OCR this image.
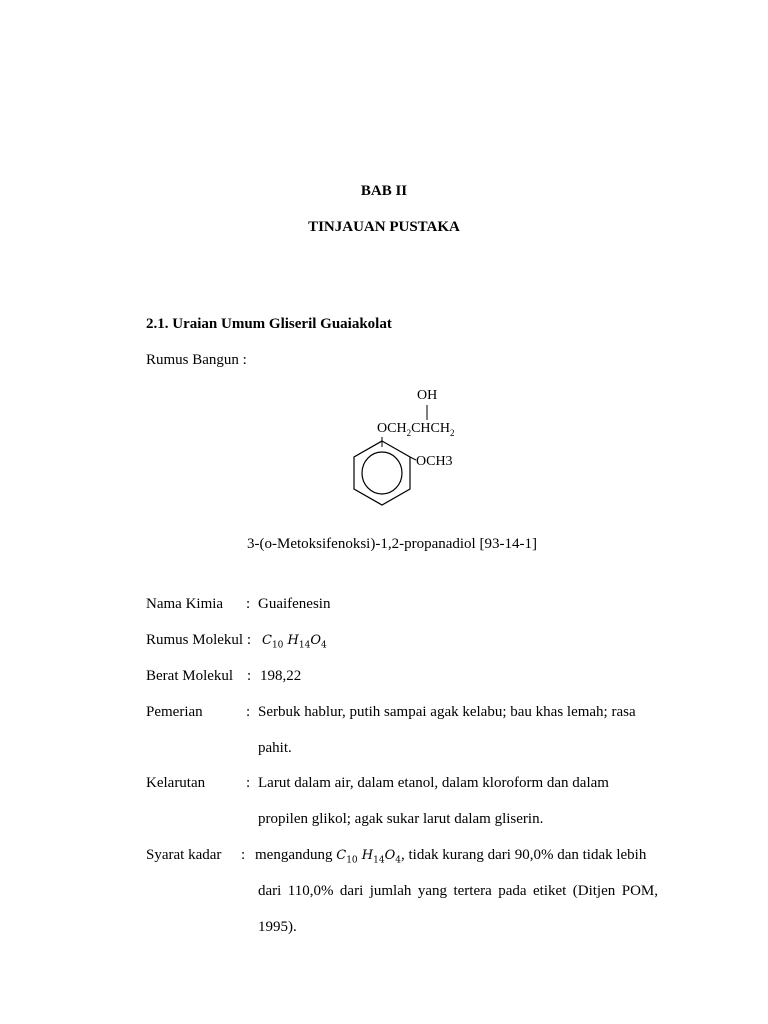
BAB II
TINJAUAN PUSTAKA
2.1. Uraian Umum Gliseril Guaiakolat
Rumus Bangun :
OH
$OCH_2CHCH_2$
OCH3
3-(o-Metoksifenoksi)-1,2-propanadiol [93-14-1]
Nama Kimia : Guaifenesin
Rumus Molekul : $C_{10}$ $H_{14}O_4$
Berat Molekul : 198,22
Pemerian	: Serbuk hablur, putih sampai agak kelabu; bau khas lemah; rasa
pahit.
Kelarutan	: Larut dalam air, dalam etanol, dalam kloroform dan dalam
propilen glikol; agak sukar larut dalam gliserin.
Syarat kadar : mengandung $C_{10}$ $H_{14}O_4$, tidak kurang dari 90,0% dan tidak lebih
dari 110,0% dari jumlah yang tertera pada etiket (Ditjen POM,
1995).
